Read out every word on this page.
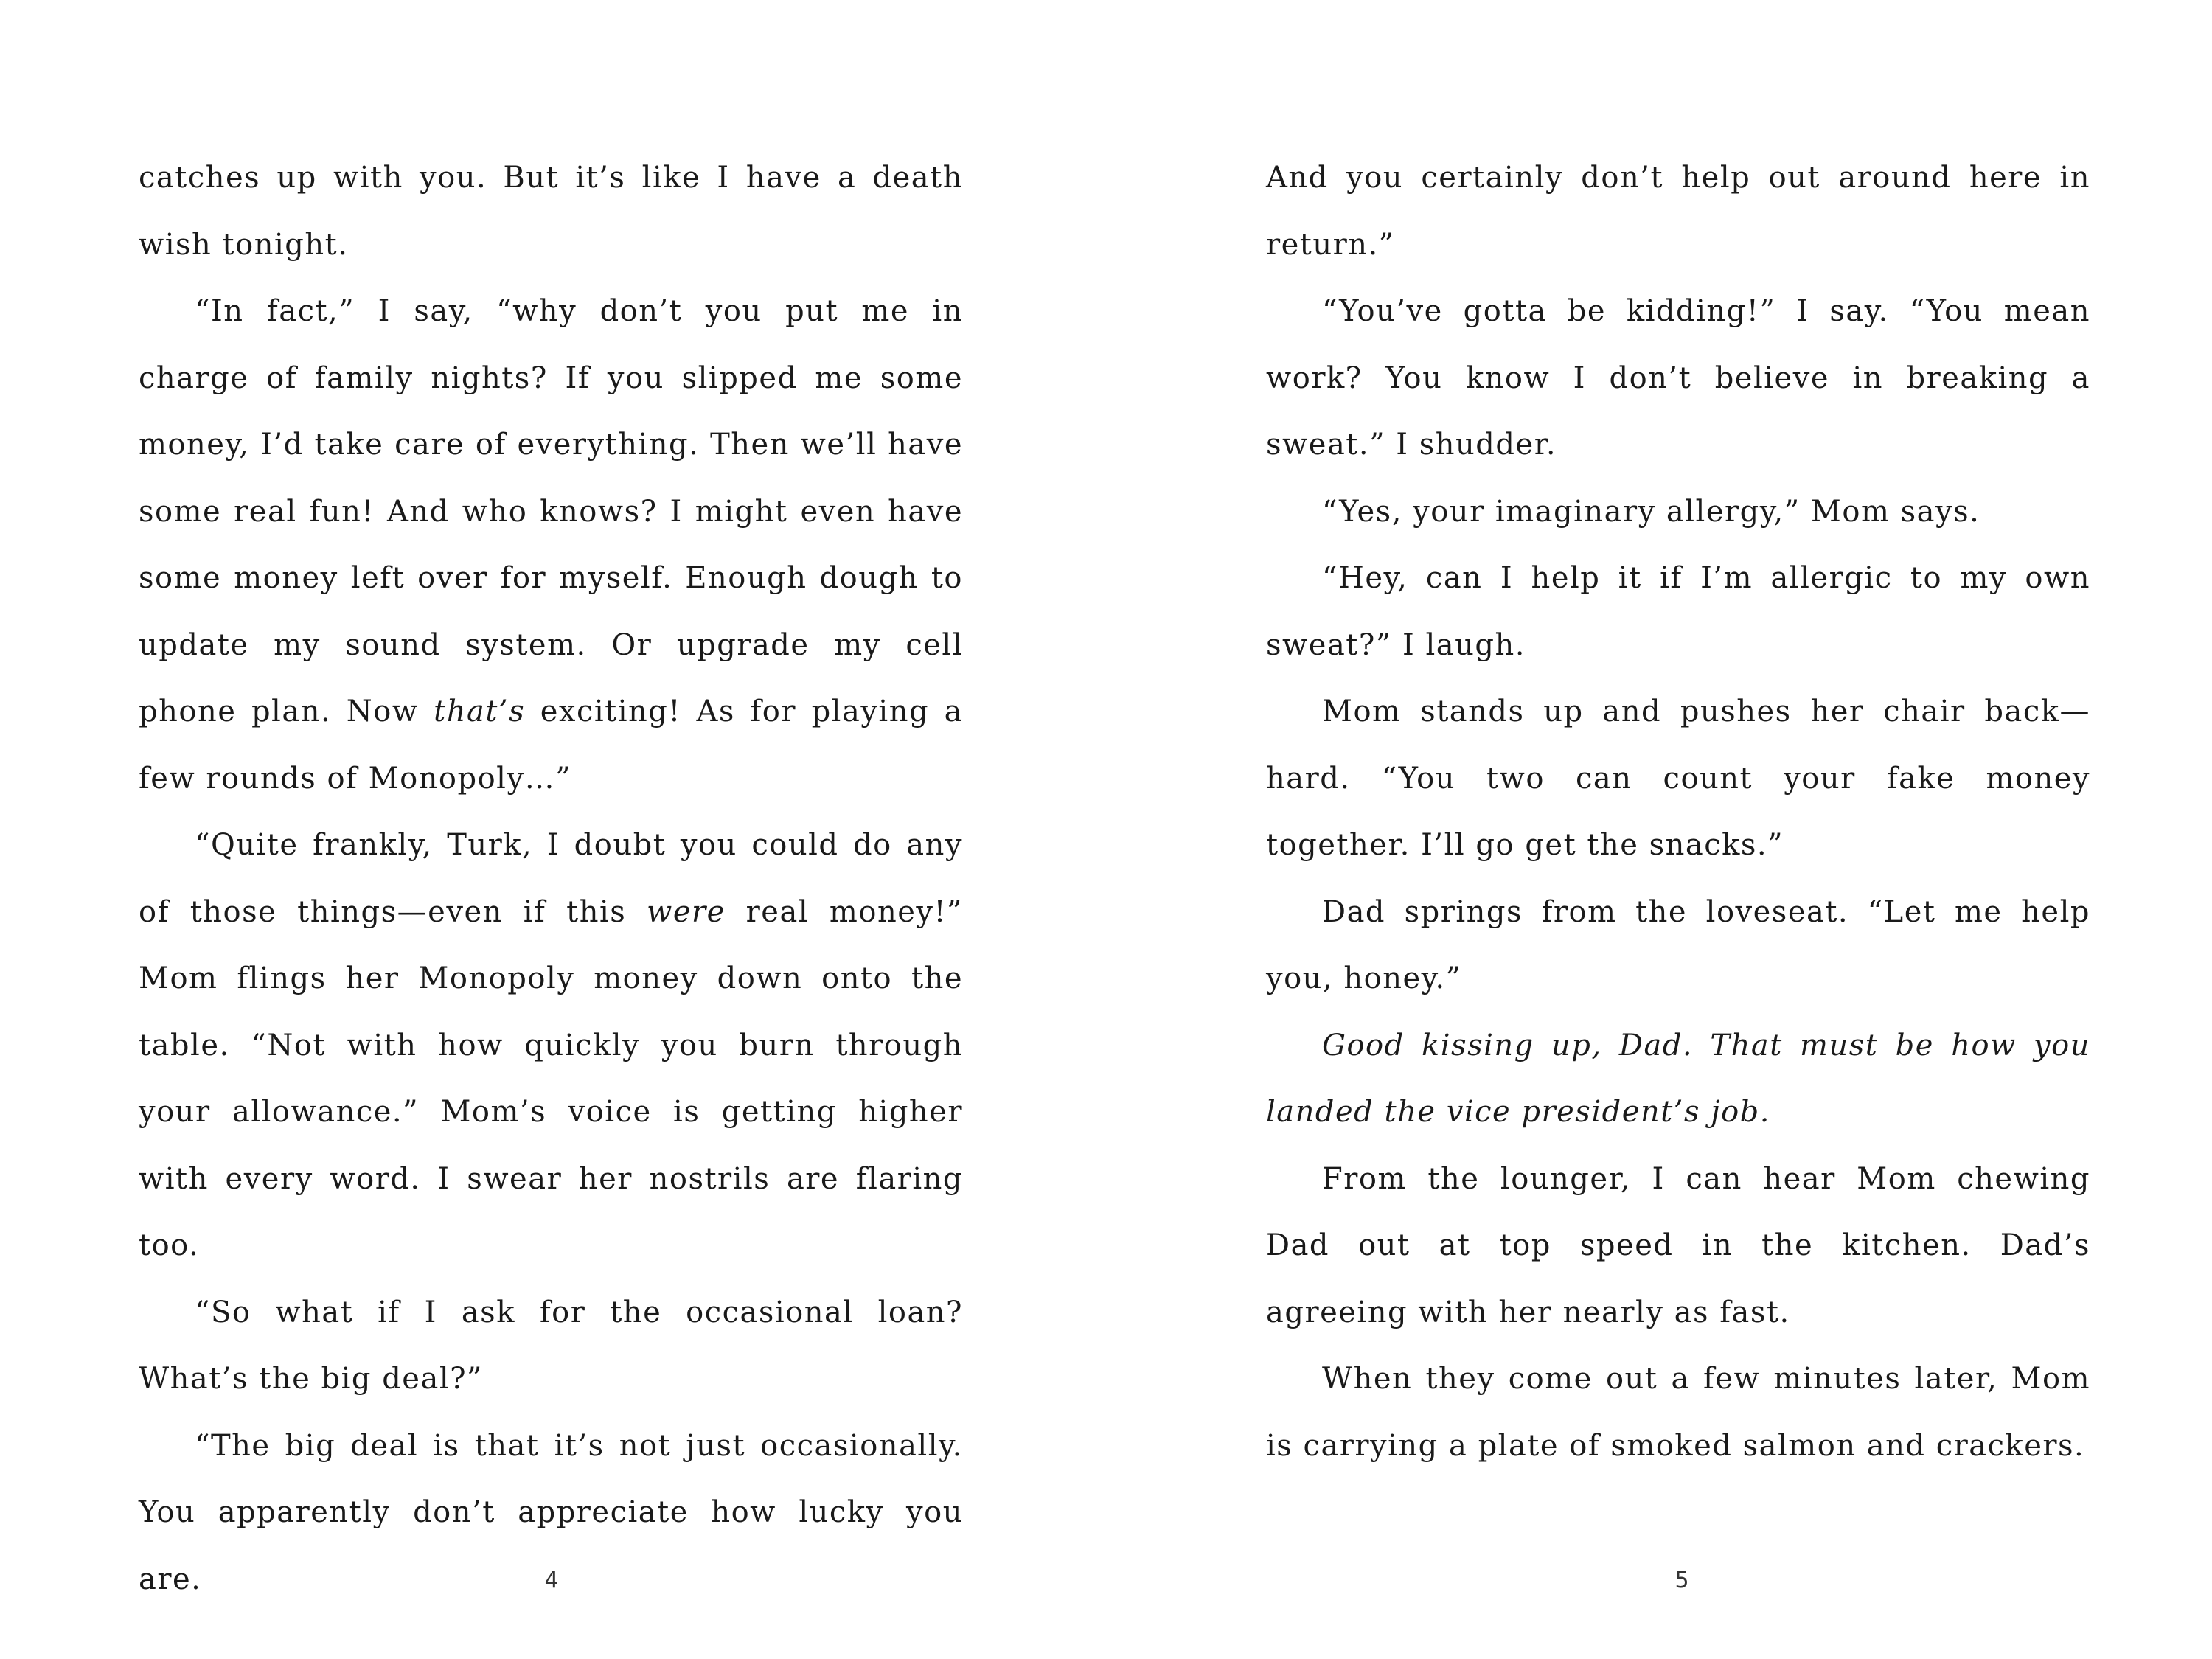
catches up with you. But it’s like I have a death wish tonight.

“In fact,” I say, “why don’t you put me in charge of family nights? If you slipped me some money, I’d take care of everything. Then we’ll have some real fun! And who knows? I might even have some money left over for myself. Enough dough to update my sound system. Or upgrade my cell phone plan. Now that’s exciting! As for playing a few rounds of Monopoly…”

“Quite frankly, Turk, I doubt you could do any of those things—even if this were real money!” Mom flings her Monopoly money down onto the table. “Not with how quickly you burn through your allowance.” Mom’s voice is getting higher with every word. I swear her nostrils are flaring too.

“So what if I ask for the occasional loan? What’s the big deal?”

“The big deal is that it’s not just occasionally. You apparently don’t appreciate how lucky you are.	4

And you certainly don’t help out around here in return.”

“You’ve gotta be kidding!” I say. “You mean work? You know I don’t believe in breaking a sweat.” I shudder.

“Yes, your imaginary allergy,” Mom says.

“Hey, can I help it if I’m allergic to my own sweat?” I laugh.

Mom stands up and pushes her chair back—hard. “You two can count your fake money together. I’ll go get the snacks.”

Dad springs from the loveseat. “Let me help you, honey.”

Good kissing up, Dad. That must be how you landed the vice president’s job.

From the lounger, I can hear Mom chewing Dad out at top speed in the kitchen. Dad’s agreeing with her nearly as fast.

When they come out a few minutes later, Mom is carrying a plate of smoked salmon and crackers.

5
